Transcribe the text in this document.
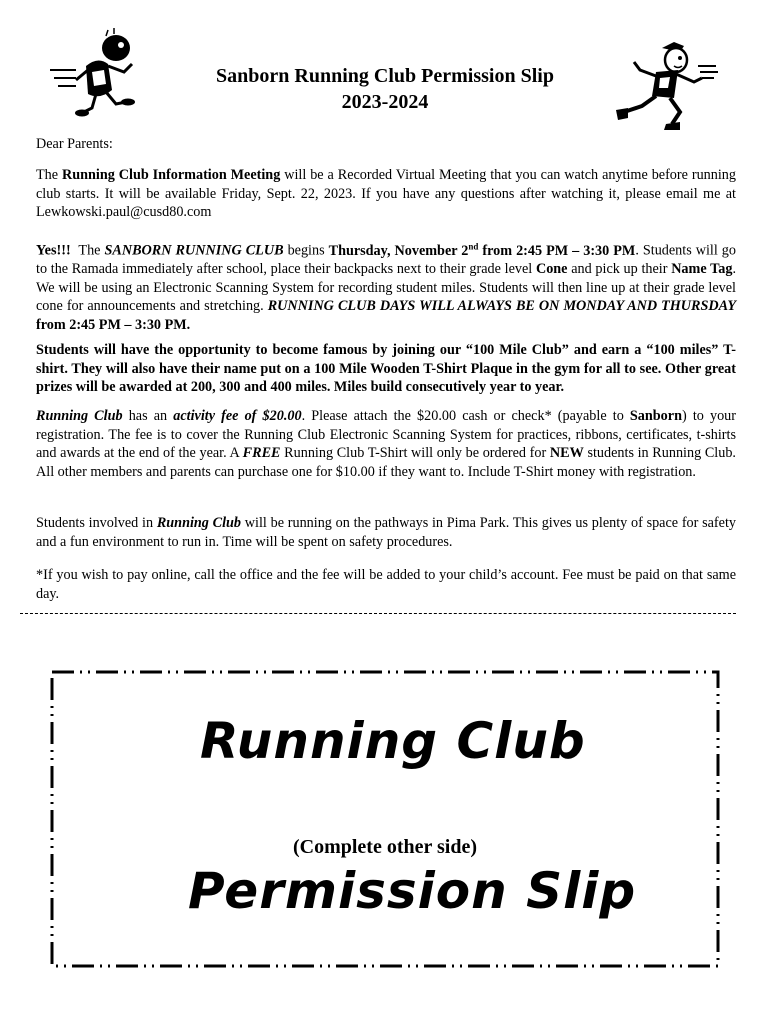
Sanborn Running Club Permission Slip
2023-2024

Dear Parents:

The Running Club Information Meeting will be a Recorded Virtual Meeting that you can watch anytime before running club starts. It will be available Friday, Sept. 22, 2023. If you have any questions after watching it, please email me at Lewkowski.paul@cusd80.com

Yes!!!  The SANBORN RUNNING CLUB begins Thursday, November 2nd from 2:45 PM – 3:30 PM. Students will go to the Ramada immediately after school, place their backpacks next to their grade level Cone and pick up their Name Tag. We will be using an Electronic Scanning System for recording student miles. Students will then line up at their grade level cone for announcements and stretching. RUNNING CLUB DAYS WILL ALWAYS BE ON MONDAY AND THURSDAY from 2:45 PM – 3:30 PM.

Students will have the opportunity to become famous by joining our “100 Mile Club” and earn a “100 miles” T-shirt. They will also have their name put on a 100 Mile Wooden T-Shirt Plaque in the gym for all to see. Other great prizes will be awarded at 200, 300 and 400 miles. Miles build consecutively year to year.

Running Club has an activity fee of $20.00. Please attach the $20.00 cash or check* (payable to Sanborn) to your registration. The fee is to cover the Running Club Electronic Scanning System for practices, ribbons, certificates, t-shirts and awards at the end of the year. A FREE Running Club T-Shirt will only be ordered for NEW students in Running Club. All other members and parents can purchase one for $10.00 if they want to. Include T-Shirt money with registration.

Students involved in Running Club will be running on the pathways in Pima Park. This gives us plenty of space for safety and a fun environment to run in. Time will be spent on safety procedures.

*If you wish to pay online, call the office and the fee will be added to your child’s account. Fee must be paid on that same day.

Running Club
(Complete other side)
Permission Slip
